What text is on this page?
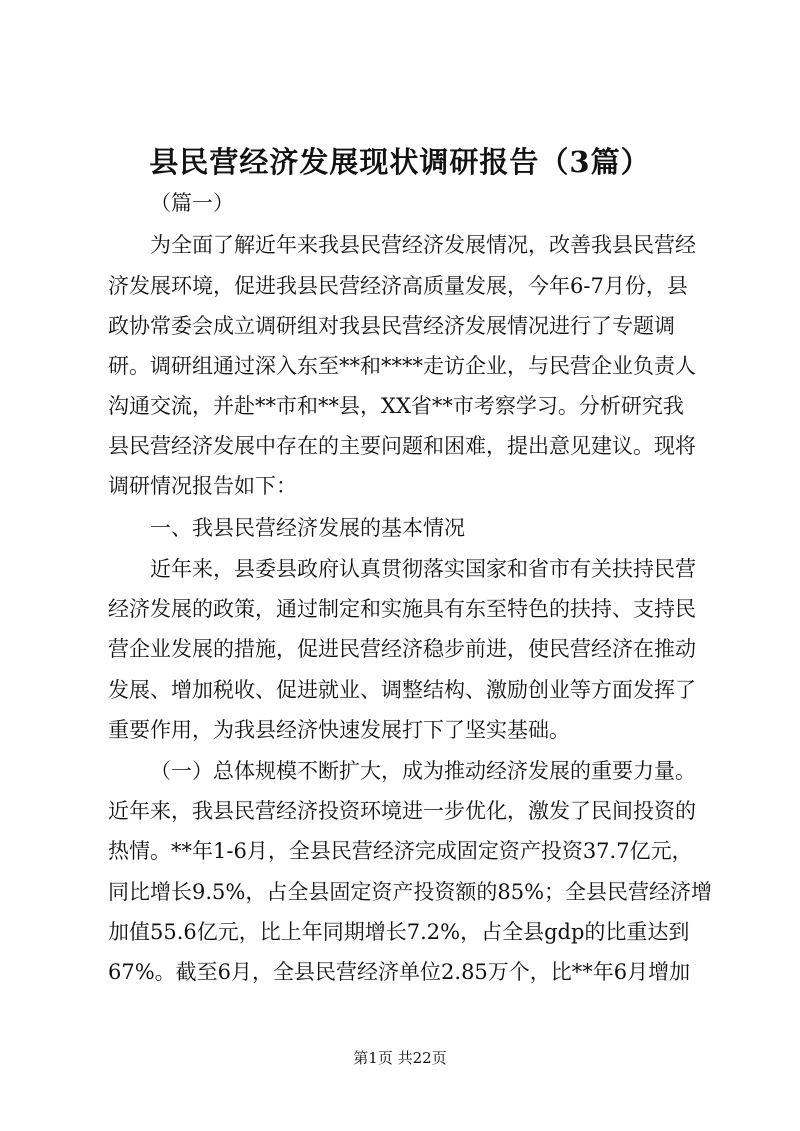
县民营经济发展现状调研报告（3篇）
（篇一）
为全面了解近年来我县民营经济发展情况，改善我县民营经
济发展环境，促进我县民营经济高质量发展，今年6-7月份，县
政协常委会成立调研组对我县民营经济发展情况进行了专题调
研。调研组通过深入东至**和****走访企业，与民营企业负责人
沟通交流，并赴**市和**县，XX省**市考察学习。分析研究我
县民营经济发展中存在的主要问题和困难，提出意见建议。现将
调研情况报告如下：
一、我县民营经济发展的基本情况
近年来，县委县政府认真贯彻落实国家和省市有关扶持民营
经济发展的政策，通过制定和实施具有东至特色的扶持、支持民
营企业发展的措施，促进民营经济稳步前进，使民营经济在推动
发展、增加税收、促进就业、调整结构、激励创业等方面发挥了
重要作用，为我县经济快速发展打下了坚实基础。
（一）总体规模不断扩大，成为推动经济发展的重要力量。
近年来，我县民营经济投资环境进一步优化，激发了民间投资的
热情。**年1-6月，全县民营经济完成固定资产投资37.7亿元，
同比增长9.5%，占全县固定资产投资额的85%；全县民营经济增
加值55.6亿元，比上年同期增长7.2%，占全县gdp的比重达到
67%。截至6月，全县民营经济单位2.85万个，比**年6月增加
第1页 共22页
